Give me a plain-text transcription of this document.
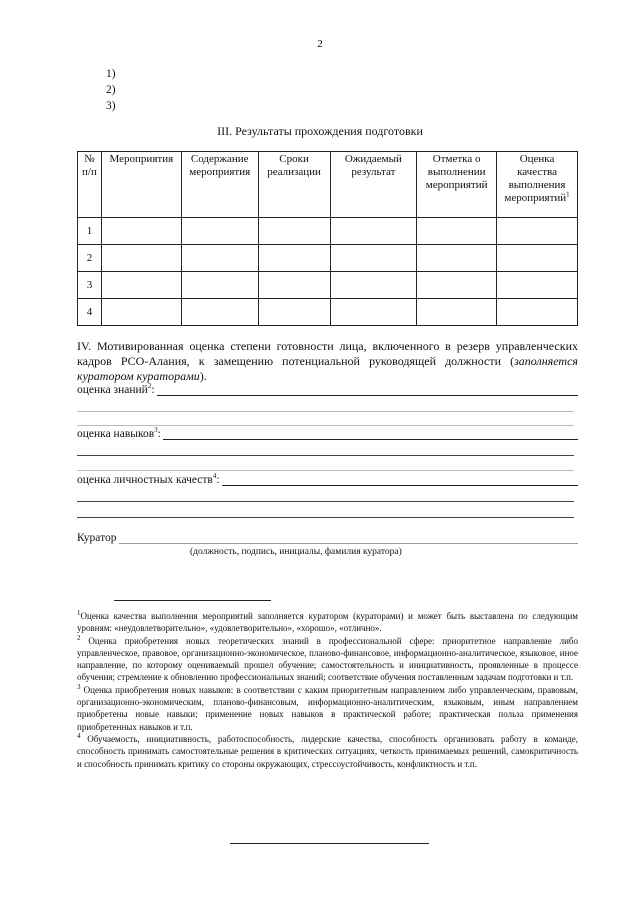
2
1)
2)
3)
III. Результаты прохождения подготовки
№ п/п	Мероприятия	Содержание мероприятия	Сроки реализации	Ожидаемый результат	Отметка о выполнении мероприятий	Оценка качества выполнения мероприятий$^1$
1						
2						
3						
4						
IV. Мотивированная оценка степени готовности лица, включенного в резерв управленческих кадров РСО-Алания, к замещению потенциальной руководящей должности (заполняется куратором кураторами).
оценка знаний$^2$:
оценка навыков$^3$:
оценка личностных качеств$^4$:
Куратор
(должность, подпись, инициалы, фамилия куратора)

$^1$Оценка качества выполнения мероприятий заполняется куратором (кураторами) и может быть выставлена по следующим уровням: «неудовлетворительно», «удовлетворительно», «хорошо», «отлично».

$^2$ Оценка приобретения новых теоретических знаний в профессиональной сфере: приоритетное направление либо управленческое, правовое, организационно-экономическое, планово-финансовое, информационно-аналитическое, языковое, иное направление, по которому оцениваемый прошел обучение; самостоятельность и инициативность, проявленные в процессе обучения; стремление к обновлению профессиональных знаний; соответствие обучения поставленным задачам подготовки и т.п.

$^3$ Оценка приобретения новых навыков: в соответствии с каким приоритетным направлением либо управленческим, правовым, организационно-экономическим, планово-финансовым, информационно-аналитическим, языковым, иным направлением приобретены новые навыки; применение новых навыков в практической работе; практическая польза применения приобретенных навыков и т.п.

$^4$ Обучаемость, инициативность, работоспособность, лидерские качества, способность организовать работу в команде, способность принимать самостоятельные решения в критических ситуациях, четкость принимаемых решений, самокритичность и способность принимать критику со стороны окружающих, стрессоустойчивость, конфликтность и т.п.
